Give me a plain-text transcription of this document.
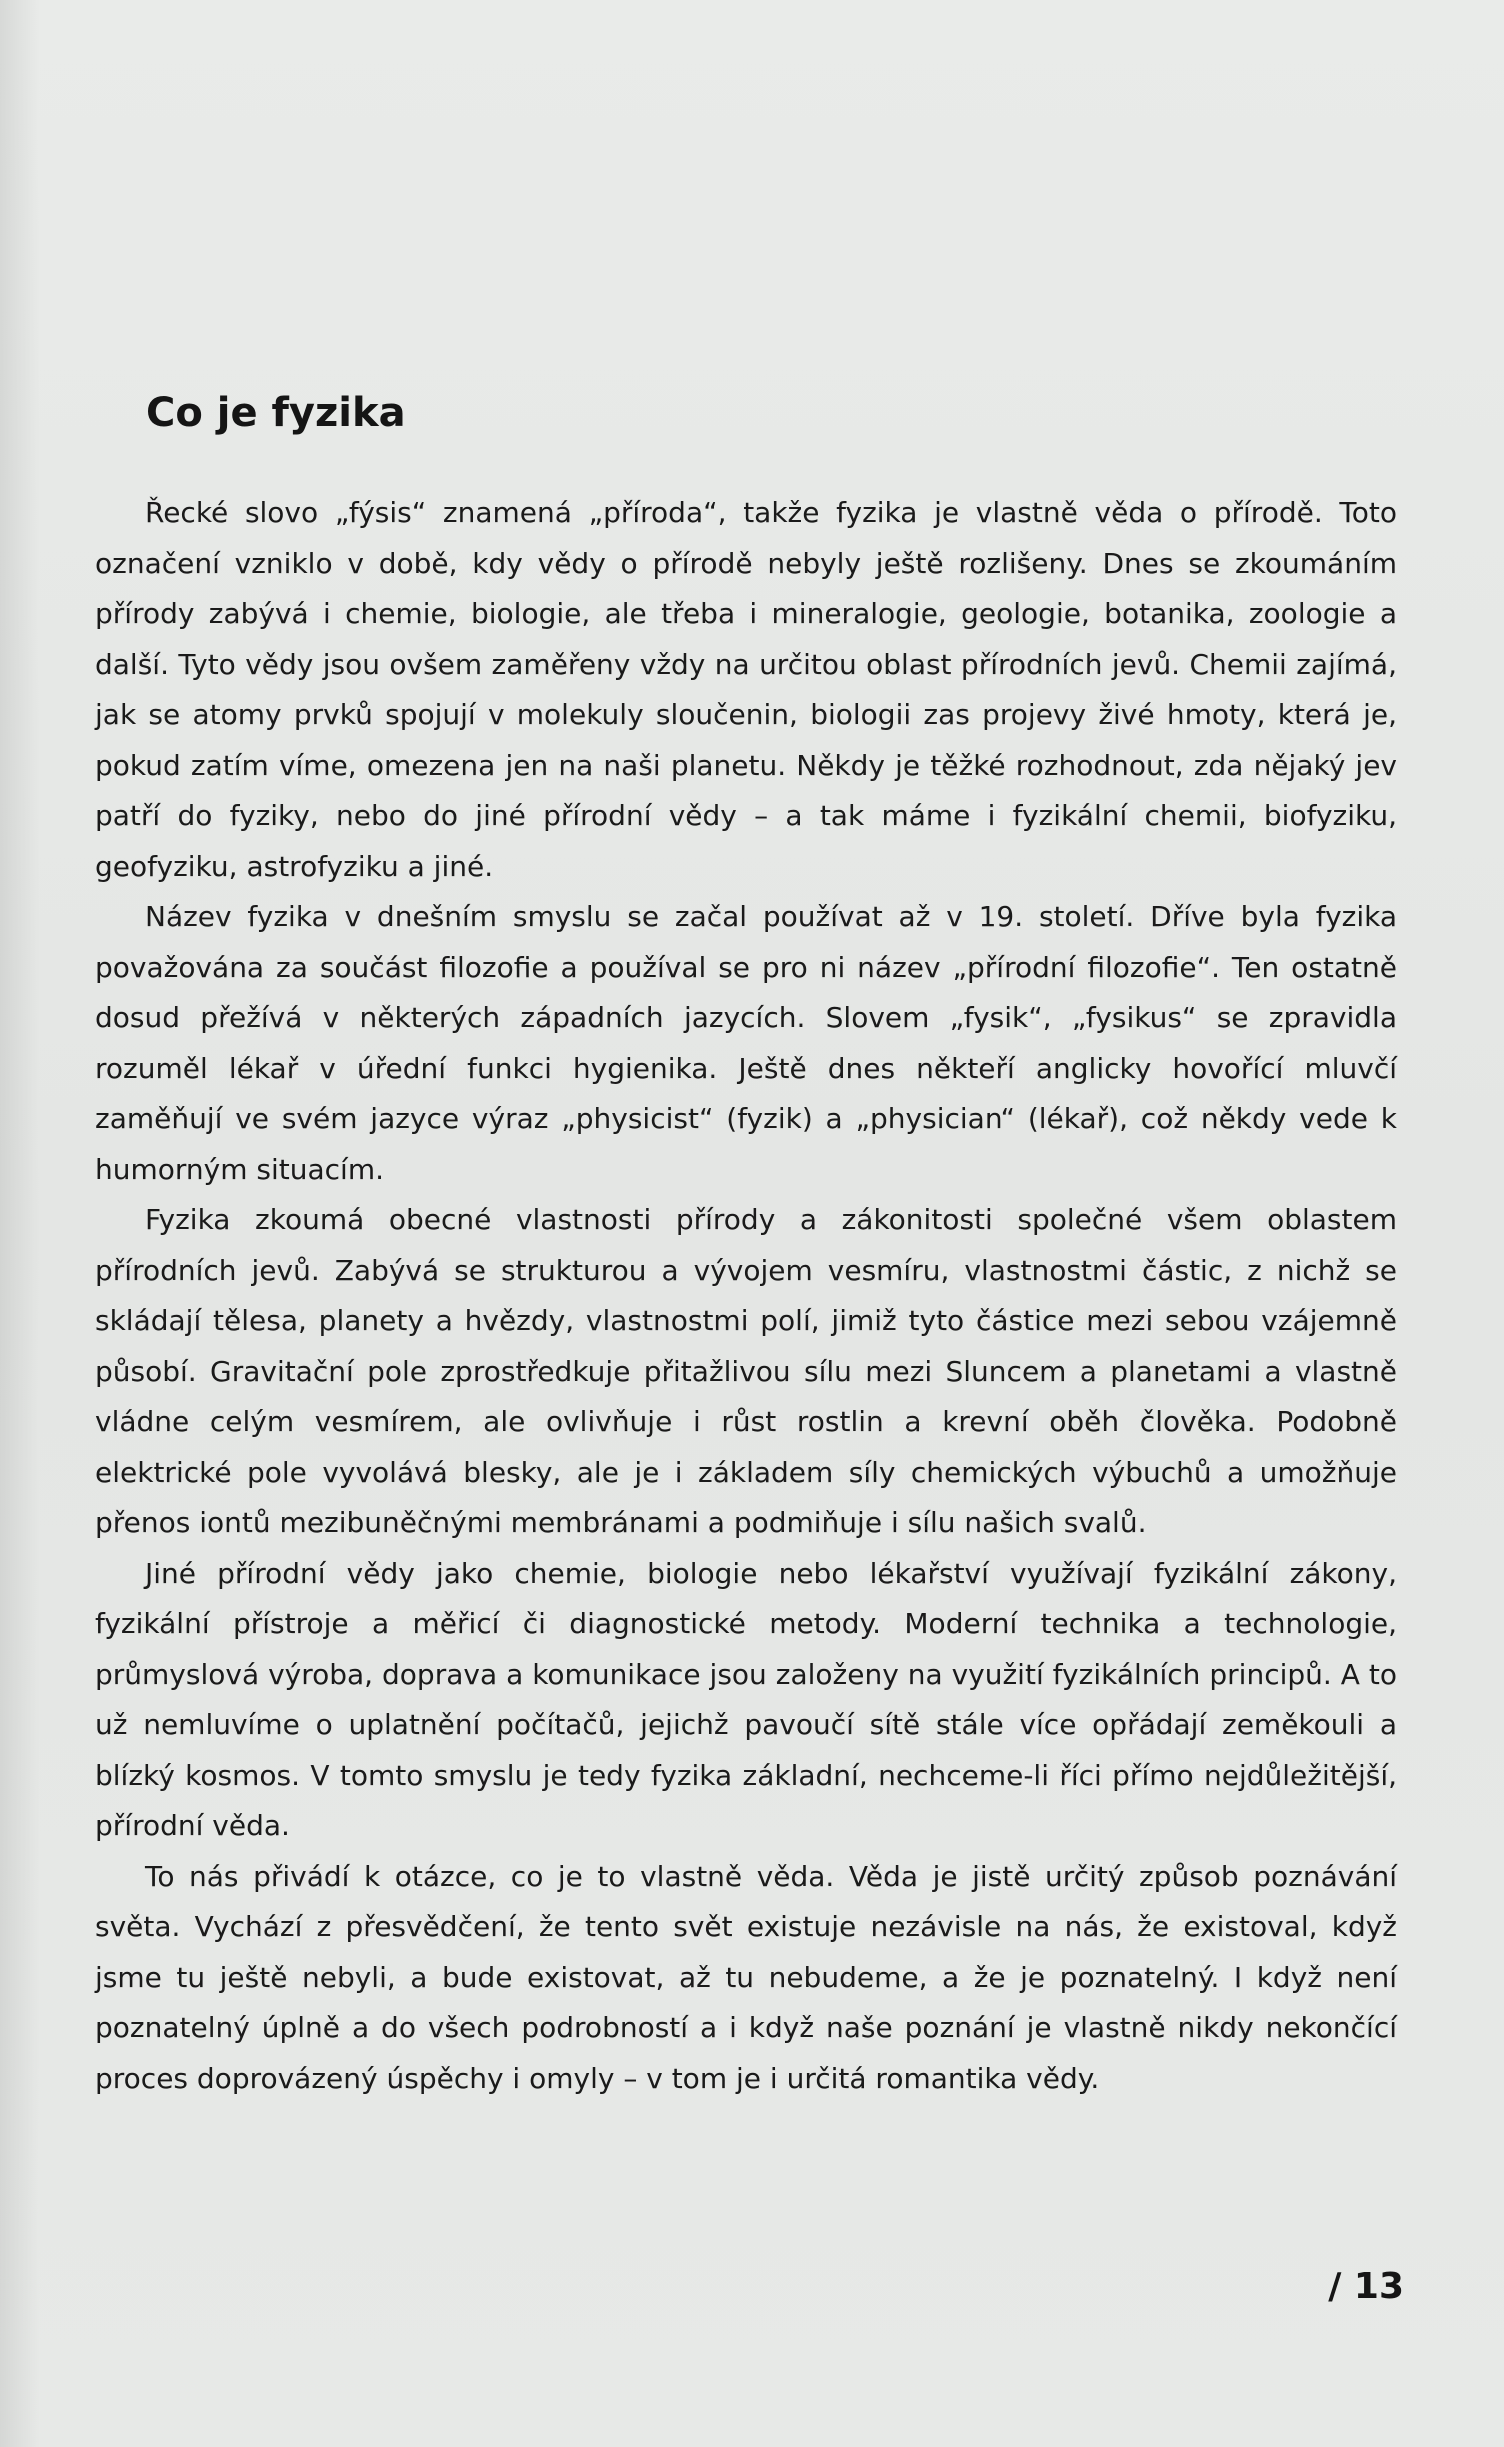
Co je fyzika

Řecké slovo „fýsis“ znamená „příroda“, takže fyzika je vlastně věda o přírodě. Toto označení vzniklo v době, kdy vědy o přírodě nebyly ještě rozlišeny. Dnes se zkoumáním přírody zabývá i chemie, biologie, ale třeba i mineralogie, geologie, botanika, zoologie a další. Tyto vědy jsou ovšem zaměřeny vždy na určitou oblast přírodních jevů. Chemii zajímá, jak se atomy prvků spojují v molekuly sloučenin, biologii zas projevy živé hmoty, která je, pokud zatím víme, omezena jen na naši planetu. Někdy je těžké rozhodnout, zda nějaký jev patří do fyziky, nebo do jiné přírodní vědy – a tak máme i fyzikální chemii, biofyziku, geofyziku, astrofyziku a jiné.

Název fyzika v dnešním smyslu se začal používat až v 19. století. Dříve byla fyzika považována za součást filozofie a používal se pro ni název „přírodní filozofie“. Ten ostatně dosud přežívá v některých západních jazycích. Slovem „fysik“, „fysikus“ se zpravidla rozuměl lékař v úřední funkci hygienika. Ještě dnes někteří anglicky hovořící mluvčí zaměňují ve svém jazyce výraz „physicist“ (fyzik) a „physician“ (lékař), což někdy vede k humorným situacím.

Fyzika zkoumá obecné vlastnosti přírody a zákonitosti společné všem oblastem přírodních jevů. Zabývá se strukturou a vývojem vesmíru, vlastnostmi částic, z nichž se skládají tělesa, planety a hvězdy, vlastnostmi polí, jimiž tyto částice mezi sebou vzájemně působí. Gravitační pole zprostředkuje přitažlivou sílu mezi Sluncem a planetami a vlastně vládne celým vesmírem, ale ovlivňuje i růst rostlin a krevní oběh člověka. Podobně elektrické pole vyvolává blesky, ale je i základem síly chemických výbuchů a umožňuje přenos iontů mezibuněčnými membránami a podmiňuje i sílu našich svalů.

Jiné přírodní vědy jako chemie, biologie nebo lékařství využívají fyzikální zákony, fyzikální přístroje a měřicí či diagnostické metody. Moderní technika a technologie, průmyslová výroba, doprava a komunikace jsou založeny na využití fyzikálních principů. A to už nemluvíme o uplatnění počítačů, jejichž pavoučí sítě stále více opřádají zeměkouli a blízký kosmos. V tomto smyslu je tedy fyzika základní, nechceme-li říci přímo nejdůležitější, přírodní věda.

To nás přivádí k otázce, co je to vlastně věda. Věda je jistě určitý způsob poznávání světa. Vychází z přesvědčení, že tento svět existuje nezávisle na nás, že existoval, když jsme tu ještě nebyli, a bude existovat, až tu nebudeme, a že je poznatelný. I když není poznatelný úplně a do všech podrobností a i když naše poznání je vlastně nikdy nekončící proces doprovázený úspěchy i omyly – v tom je i určitá romantika vědy.

/ 13
